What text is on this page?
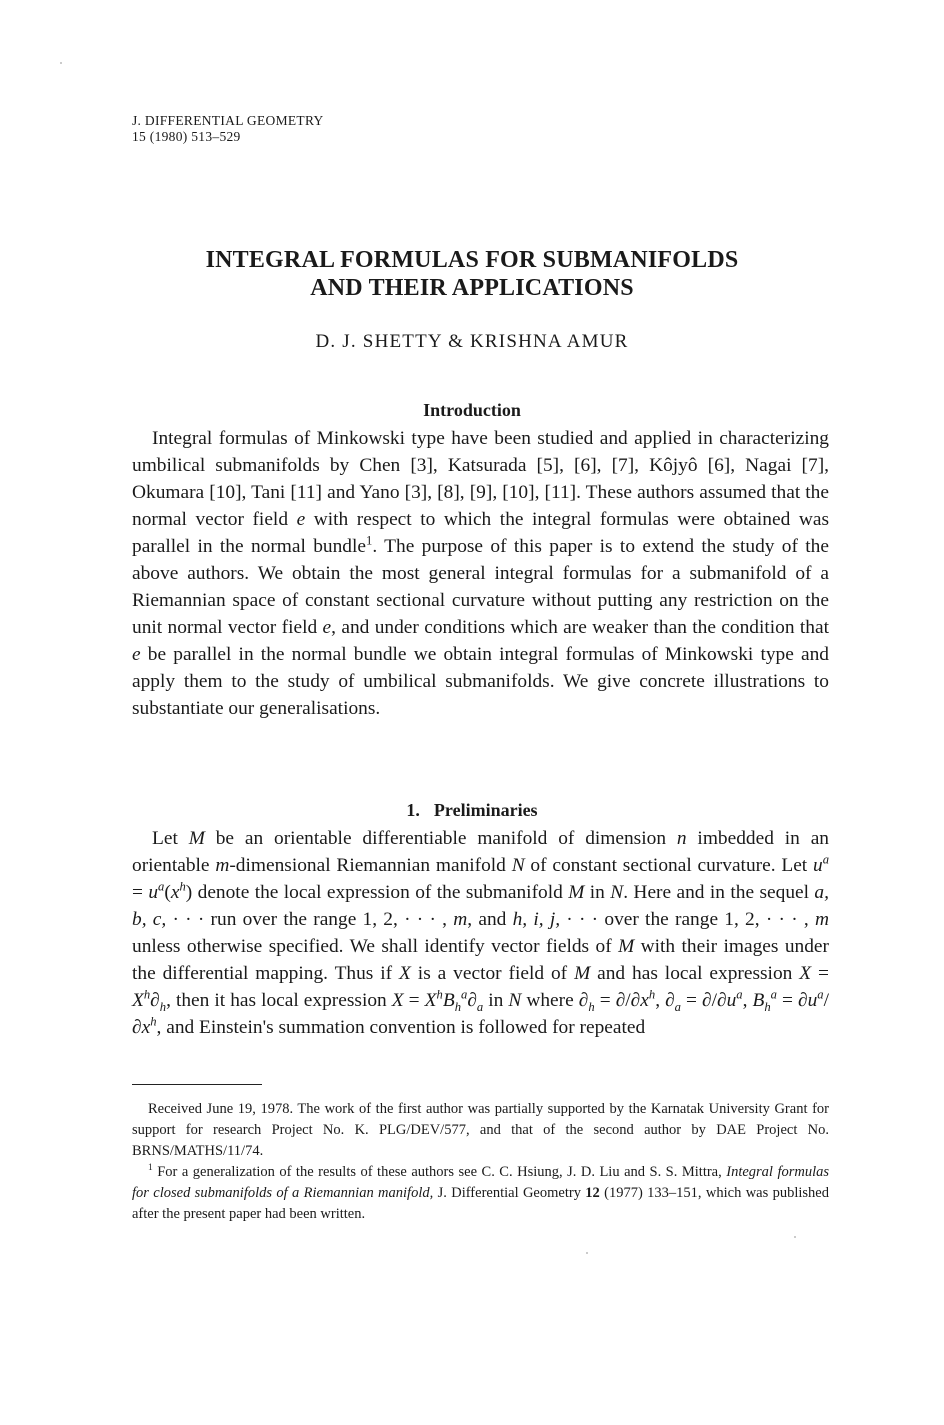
J. DIFFERENTIAL GEOMETRY
15 (1980) 513–529
INTEGRAL FORMULAS FOR SUBMANIFOLDS
AND THEIR APPLICATIONS
D. J. SHETTY & KRISHNA AMUR
Introduction

Integral formulas of Minkowski type have been studied and applied in characterizing umbilical submanifolds by Chen [3], Katsurada [5], [6], [7], Kôjyô [6], Nagai [7], Okumara [10], Tani [11] and Yano [3], [8], [9], [10], [11]. These authors assumed that the normal vector field e with respect to which the integral formulas were obtained was parallel in the normal bundle$^1$. The purpose of this paper is to extend the study of the above authors. We obtain the most general integral formulas for a submanifold of a Riemannian space of constant sectional curvature without putting any restriction on the unit normal vector field e, and under conditions which are weaker than the condition that e be parallel in the normal bundle we obtain integral formulas of Minkowski type and apply them to the study of umbilical submanifolds. We give concrete illustrations to substantiate our generalisations.

1. Preliminaries

Let M be an orientable differentiable manifold of dimension n imbedded in an orientable m-dimensional Riemannian manifold N of constant sectional curvature. Let $u^a = u^a(x^h)$ denote the local expression of the submanifold M in N. Here and in the sequel a, b, c, · · · run over the range 1, 2, · · · , m, and h, i, j, · · · over the range 1, 2, · · · , m unless otherwise specified. We shall identify vector fields of M with their images under the differential mapping. Thus if X is a vector field of M and has local expression $X = X^h\partial_h$, then it has local expression $X = X^hB_h^a\partial_a$ in N where $\partial_h = \partial/\partial x^h$, $\partial_a = \partial/\partial u^a$, $B_h^a = \partial u^a/\partial x^h$, and Einstein's summation convention is followed for repeated

Received June 19, 1978. The work of the first author was partially supported by the Karnatak University Grant for support for research Project No. K. PLG/DEV/577, and that of the second author by DAE Project No. BRNS/MATHS/11/74.

$^1$ For a generalization of the results of these authors see C. C. Hsiung, J. D. Liu and S. S. Mittra, Integral formulas for closed submanifolds of a Riemannian manifold, J. Differential Geometry 12 (1977) 133–151, which was published after the present paper had been written.
